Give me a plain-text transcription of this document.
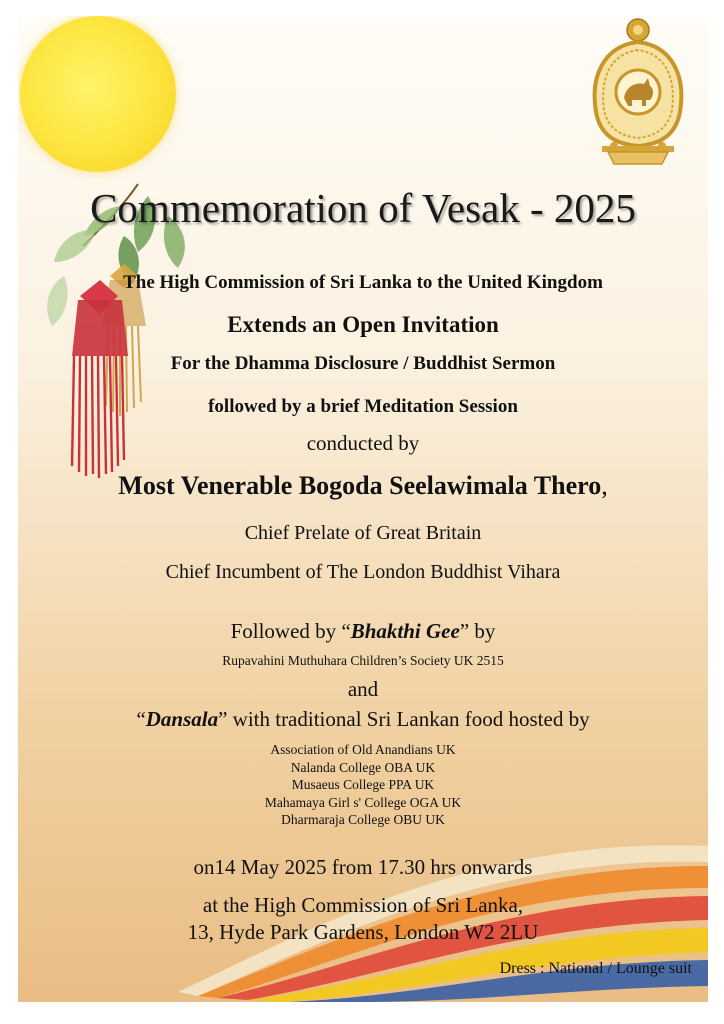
Commemoration of Vesak - 2025
The High Commission of Sri Lanka to the United Kingdom
Extends an Open Invitation
For the Dhamma Disclosure / Buddhist Sermon
followed by a brief Meditation Session
conducted by
Most Venerable Bogoda Seelawimala Thero,
Chief Prelate of Great Britain
Chief Incumbent of The London Buddhist Vihara
Followed by “Bhakthi Gee” by
Rupavahini Muthuhara Children’s Society UK 2515
and
“Dansala” with traditional Sri Lankan food hosted by
Association of Old Anandians UK
Nalanda College OBA UK
Musaeus College PPA UK
Mahamaya Girl s' College OGA UK
Dharmaraja College OBU UK
on14 May 2025 from 17.30 hrs onwards
at the High Commission of Sri Lanka,
13, Hyde Park Gardens, London W2 2LU
Dress : National / Lounge suit
